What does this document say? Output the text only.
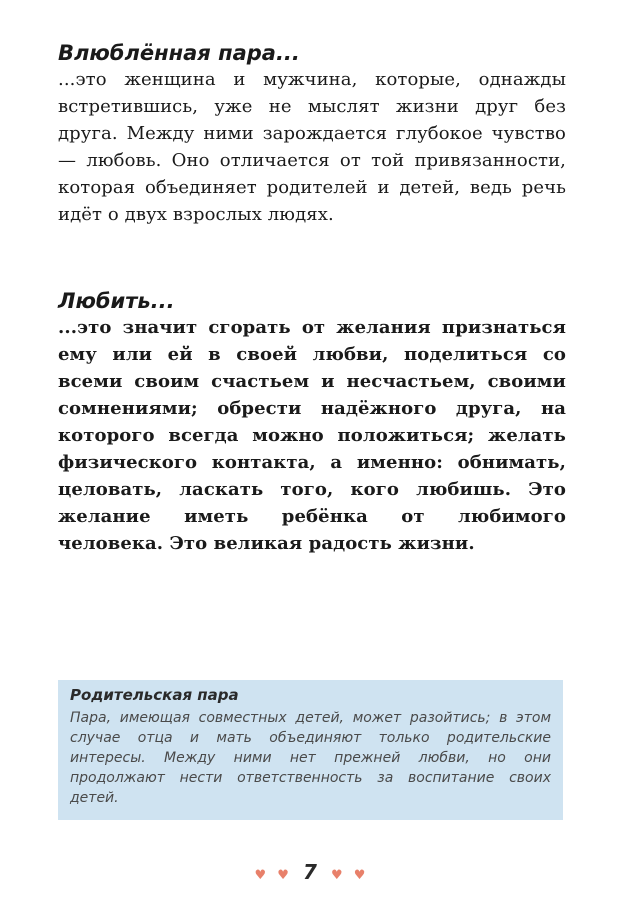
Влюблённая пара...

...это женщина и мужчина, которые, однажды встретившись, уже не мыслят жизни друг без друга. Между ними зарождается глубокое чувство — любовь. Оно отличается от той привязанности, которая объединяет родителей и детей, ведь речь идёт о двух взрослых людях.

Любить...

...это значит сгорать от желания признаться ему или ей в своей любви, поделиться со всеми своим счастьем и несчастьем, своими сомнениями; обрести надёжного друга, на которого всегда можно положиться; желать физического контакта, а именно: обнимать, целовать, ласкать того, кого любишь. Это желание иметь ребёнка от любимого человека. Это великая радость жизни.

Родительская пара

Пара, имеющая совместных детей, может разойтись; в этом случае отца и мать объединяют только родительские интересы. Между ними нет прежней любви, но они продолжают нести ответственность за воспитание своих детей.

♥ ♥ 7 ♥ ♥
